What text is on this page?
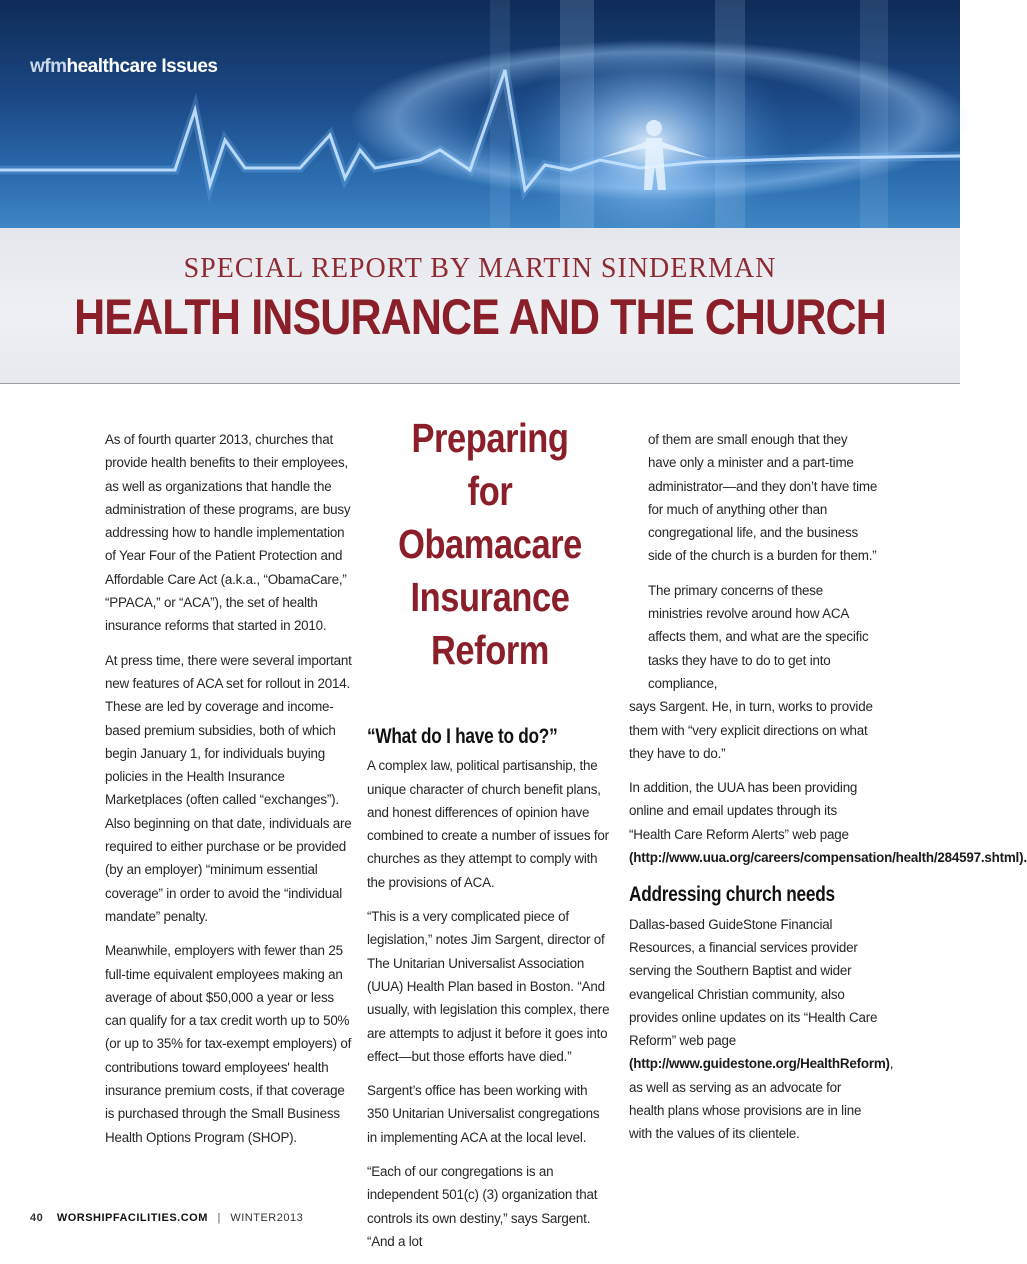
wfmhealthcare Issues
SPECIAL REPORT BY MARTIN SINDERMAN
HEALTH INSURANCE AND THE CHURCH

As of fourth quarter 2013, churches that provide health benefits to their employees, as well as organizations that handle the administration of these programs, are busy addressing how to handle implementation of Year Four of the Patient Protection and Affordable Care Act (a.k.a., “ObamaCare,” “PPACA,” or “ACA”), the set of health insurance reforms that started in 2010.

At press time, there were several important new features of ACA set for rollout in 2014. These are led by coverage and income-based premium subsidies, both of which begin January 1, for individuals buying policies in the Health Insurance Marketplaces (often called “exchanges”). Also beginning on that date, individuals are required to either purchase or be provided (by an employer) “minimum essential coverage” in order to avoid the “individual mandate” penalty.

Meanwhile, employers with fewer than 25 full-time equivalent employees making an average of about $50,000 a year or less can qualify for a tax credit worth up to 50% (or up to 35% for tax-exempt employers) of contributions toward employees' health insurance premium costs, if that coverage is purchased through the Small Business Health Options Program (SHOP).

Preparing
for Obamacare
Insurance
Reform
“What do I have to do?”

A complex law, political partisanship, the unique character of church benefit plans, and honest differences of opinion have combined to create a number of issues for churches as they attempt to comply with the provisions of ACA.

“This is a very complicated piece of legislation,” notes Jim Sargent, director of The Unitarian Universalist Association (UUA) Health Plan based in Boston. “And usually, with legislation this complex, there are attempts to adjust it before it goes into effect—but those efforts have died.”

Sargent’s office has been working with 350 Unitarian Universalist congregations in implementing ACA at the local level.

“Each of our congregations is an independent 501(c) (3) organization that controls its own destiny,” says Sargent. “And a lot

of them are small enough that they have only a minister and a part-time administrator—and they don’t have time for much of anything other than congregational life, and the business side of the church is a burden for them.”

The primary concerns of these ministries revolve around how ACA affects them, and what are the specific tasks they have to do to get into compliance,

says Sargent. He, in turn, works to provide them with “very explicit directions on what they have to do.”

In addition, the UUA has been providing online and email updates through its “Health Care Reform Alerts” web page (http://www.uua.org/careers/compensation/health/284597.shtml).

Addressing church needs

Dallas-based GuideStone Financial Resources, a financial services provider serving the Southern Baptist and wider evangelical Christian community, also provides online updates on its “Health Care Reform” web page (http://www.guidestone.org/HealthReform), as well as serving as an advocate for health plans whose provisions are in line with the values of its clientele.

40 WORSHIPFACILITIES.COM | WINTER2013
